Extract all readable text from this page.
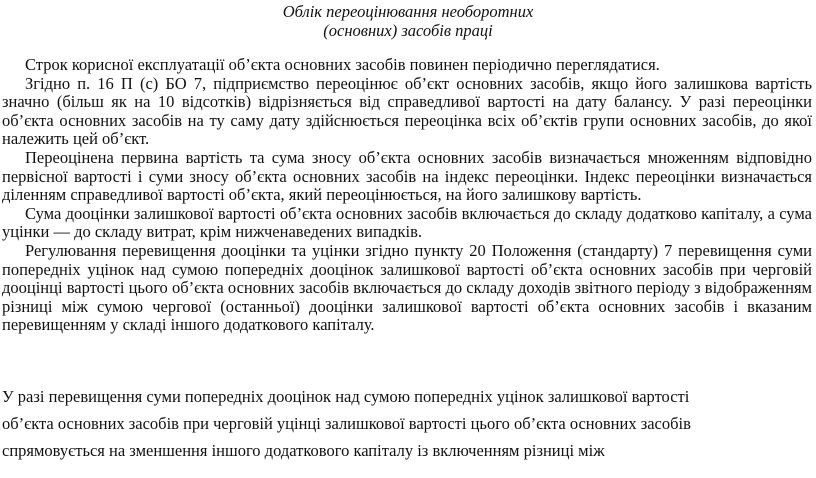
Облік переоцінювання необоротних

(основних) засобів праці

Строк корисної експлуатації об’єкта основних засобів повинен періодично переглядатися.

Згідно п. 16 П (с) БО 7, підприємство переоцінює об’єкт основних засобів, якщо його залишкова вартість значно (більш як на 10 відсотків) відрізняється від справедливої вартості на дату балансу. У разі переоцінки об’єкта основних засобів на ту саму дату здійснюється переоцінка всіх об’єктів групи основних засобів, до якої належить цей об’єкт.

Переоцінена первина вартість та сума зносу об’єкта основних засобів визначається множенням відповідно первісної вартості і суми зносу об’єкта основних засобів на індекс переоцінки. Індекс переоцінки визначається діленням справедливої вартості об’єкта, який переоцінюється, на його залишкову вартість.

Сума дооцінки залишкової вартості об’єкта основних засобів включається до складу додатково капіталу, а сума уцінки — до складу витрат, крім нижченаведених випадків.

Регулювання перевищення дооцінки та уцінки згідно пункту 20 Положення (стандарту) 7 перевищення суми попередніх уцінок над сумою попередніх дооцінок залишкової вартості об’єкта основних засобів при черговій дооцінці вартості цього об’єкта основних засобів включається до складу доходів звітного періоду з відображенням різниці між сумою чергової (останньої) дооцінки залишкової вартості об’єкта основних засобів і вказаним перевищенням у складі іншого додаткового капіталу.

У разі перевищення суми попередніх дооцінок над сумою попередніх уцінок залишкової вартості

об’єкта основних засобів при черговій уцінці залишкової вартості цього об’єкта основних засобів

спрямовується на зменшення іншого додаткового капіталу із включенням різниці між
